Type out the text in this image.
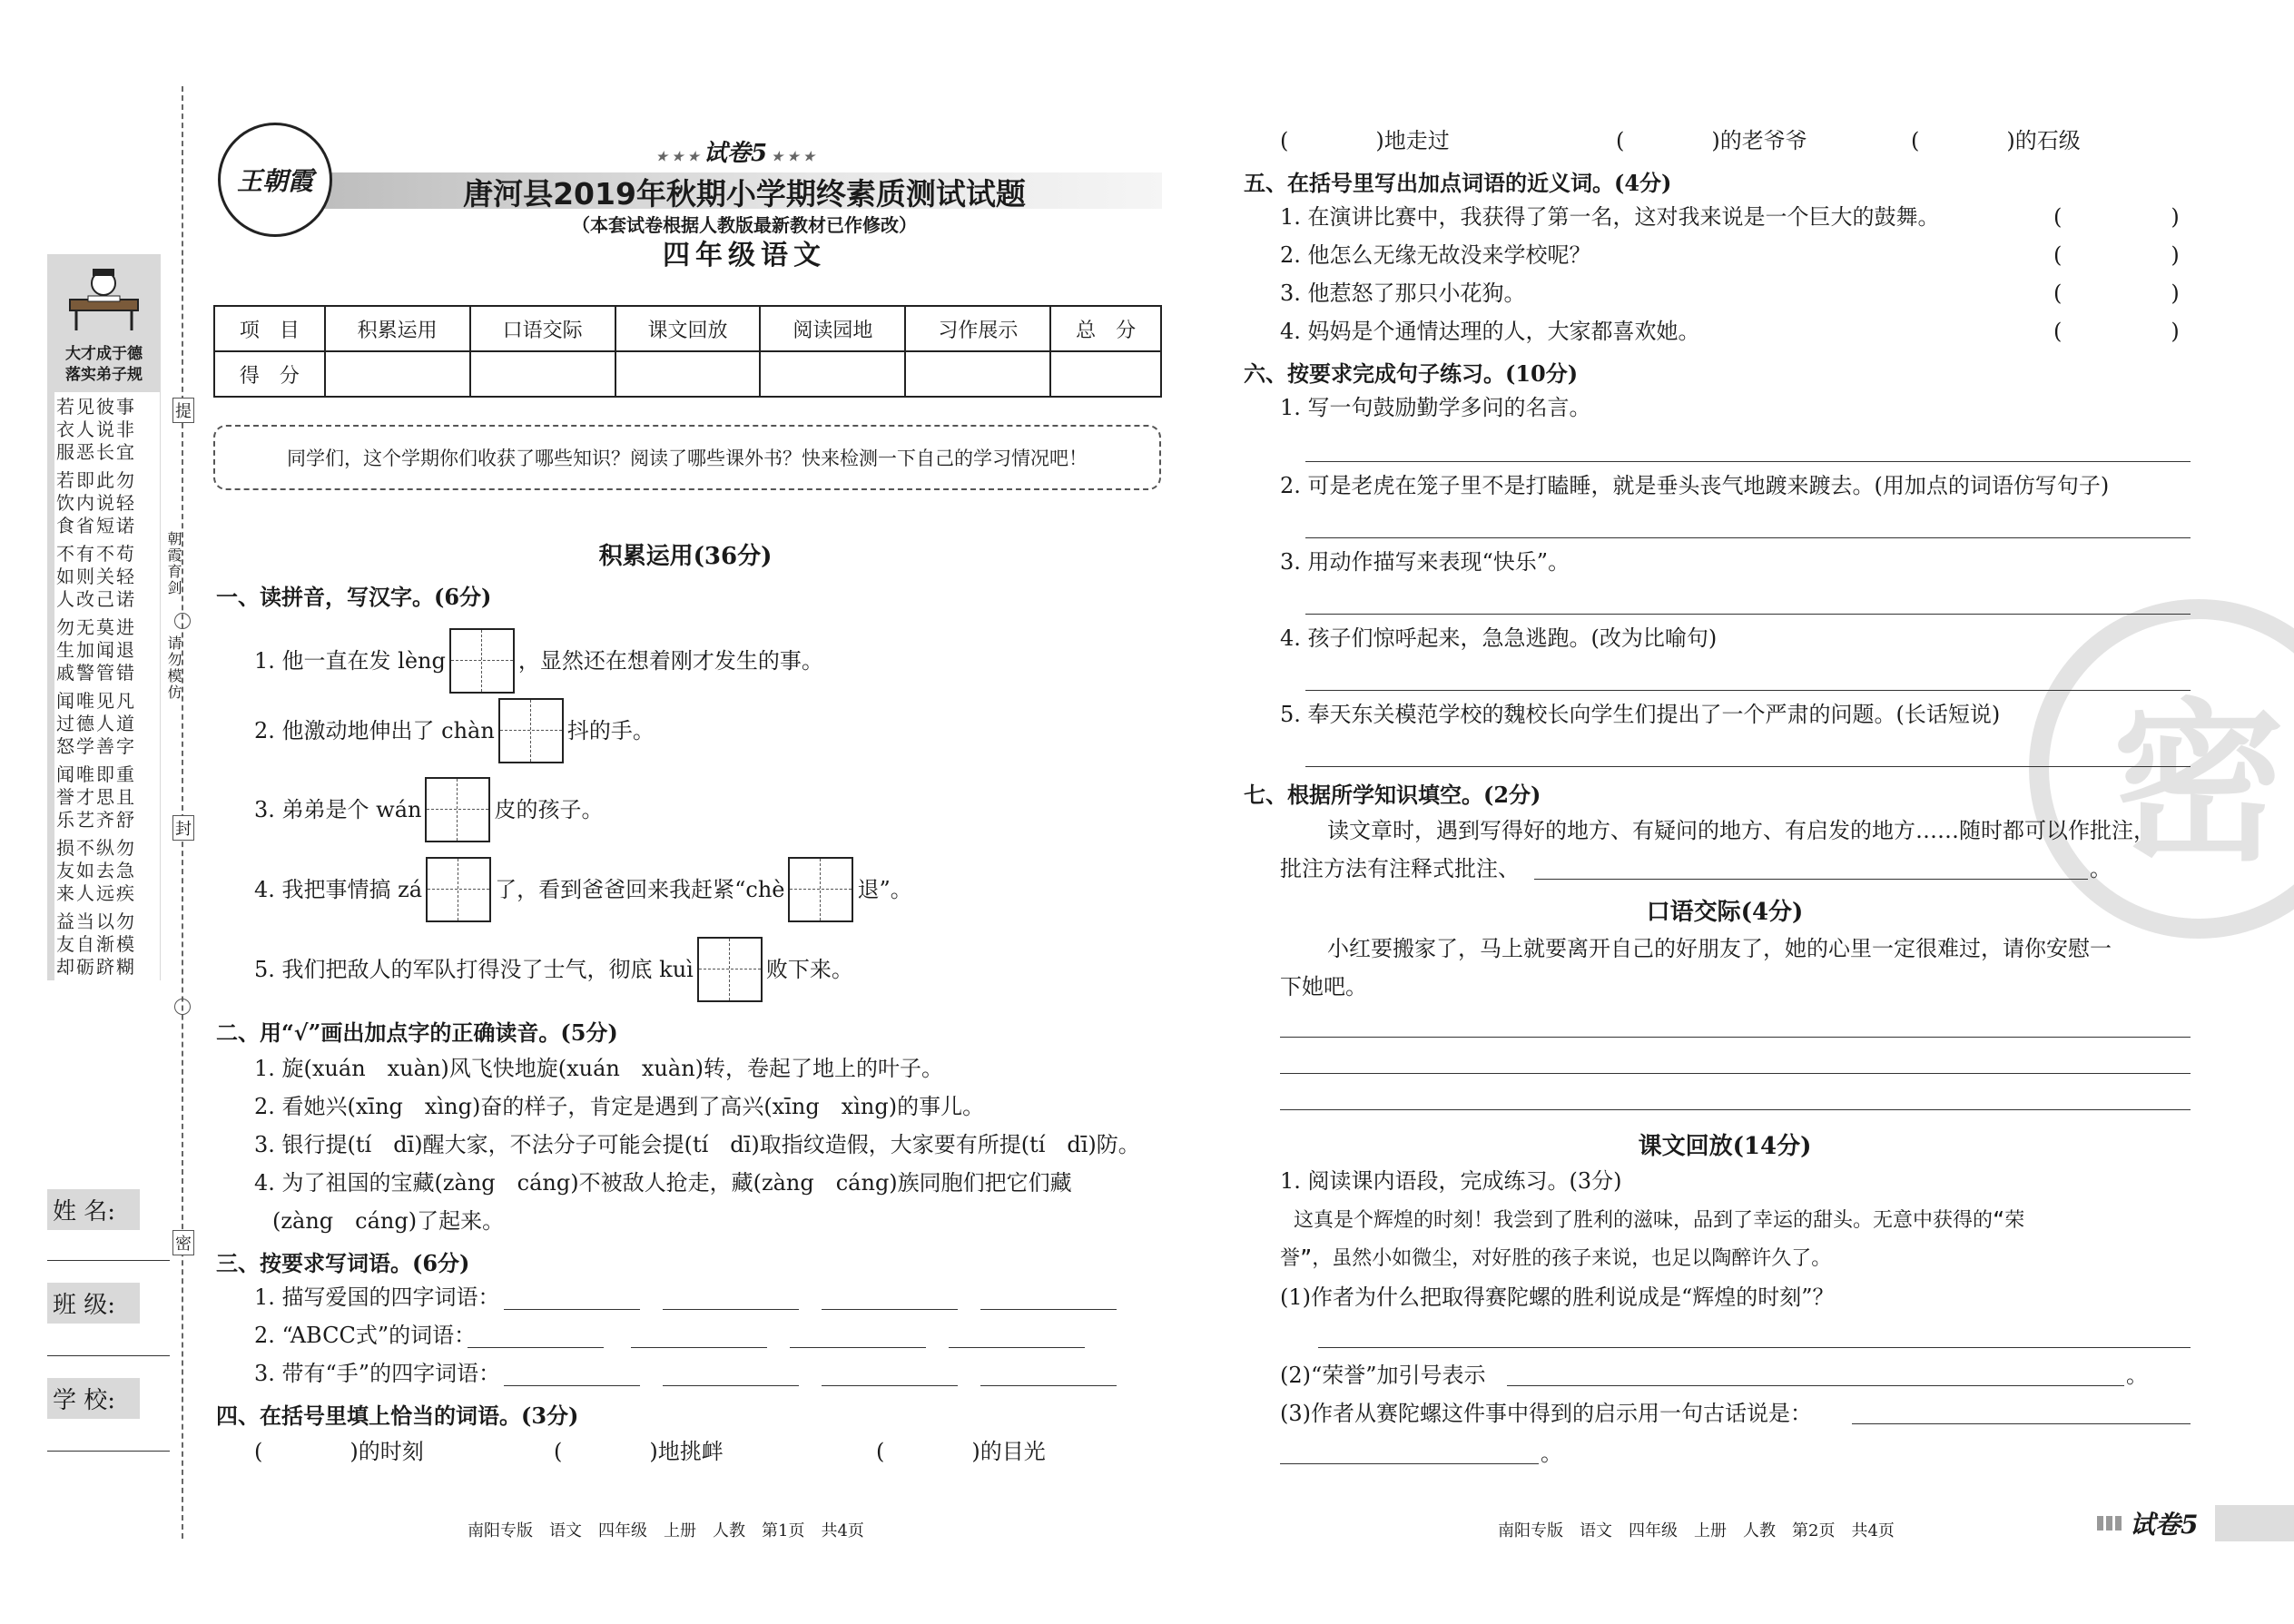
大才成于德
落实弟子规
若见彼事
衣人说非
服恶长宜
若即此勿
饮内说轻
食省短诺
不有不苟
如则关轻
人改己诺
勿无莫进
生加闻退
戚警管错
闻唯见凡
过德人道
怒学善字
闻唯即重
誉才思且
乐艺齐舒
损不纵勿
友如去急
来人远疾
益当以勿
友自渐模
却砺跻糊
提
朝霞育剑
请勿模仿
封
密
姓 名:
班 级:
学 校:
王朝霞
★ ★ ★ 试卷5 ★ ★ ★
唐河县2019年秋期小学期终素质测试试题
（本套试卷根据人教版最新教材已作修改）
四年级语文
项　目	积累运用	口语交际	课文回放	阅读园地	习作展示	总　分
得　分						
同学们，这个学期你们收获了哪些知识？阅读了哪些课外书？快来检测一下自己的学习情况吧！
积累运用(36分)
一、读拼音，写汉字。(6分)
1. 他一直在发 lèng	，显然还在想着刚才发生的事。
2. 他激动地伸出了 chàn	抖的手。
3. 弟弟是个 wán	皮的孩子。
4. 我把事情搞 zá	了，看到爸爸回来我赶紧“chè	退”。
5. 我们把敌人的军队打得没了士气，彻底 kuì	败下来。
二、用“√”画出加点字的正确读音。(5分)
1. 旋(xuán　xuàn)风飞快地旋(xuán　xuàn)转，卷起了地上的叶子。
2. 看她兴(xīng　xìng)奋的样子，肯定是遇到了高兴(xīng　xìng)的事儿。
3. 银行提(tí　dī)醒大家，不法分子可能会提(tí　dī)取指纹造假，大家要有所提(tí　dī)防。
4. 为了祖国的宝藏(zàng　cáng)不被敌人抢走，藏(zàng　cáng)族同胞们把它们藏
(zàng　cáng)了起来。
三、按要求写词语。(6分)
1. 描写爱国的四字词语：
2. “ABCC式”的词语：
3. 带有“手”的四字词语：
四、在括号里填上恰当的词语。(3分)
(　　　　)的时刻	(　　　　)地挑衅	(　　　　)的目光
南阳专版　语文　四年级　上册　人教　第1页　共4页
密
(　　　　)地走过	(　　　　)的老爷爷	(　　　　)的石级
五、在括号里写出加点词语的近义词。(4分)
1. 在演讲比赛中，我获得了第一名，这对我来说是一个巨大的鼓舞。	(　　　　　)
2. 他怎么无缘无故没来学校呢？	(　　　　　)
3. 他惹怒了那只小花狗。	(　　　　　)
4. 妈妈是个通情达理的人，大家都喜欢她。	(　　　　　)
六、按要求完成句子练习。(10分)
1. 写一句鼓励勤学多问的名言。
2. 可是老虎在笼子里不是打瞌睡，就是垂头丧气地踱来踱去。(用加点的词语仿写句子)
3. 用动作描写来表现“快乐”。
4. 孩子们惊呼起来，急急逃跑。(改为比喻句)
5. 奉天东关模范学校的魏校长向学生们提出了一个严肃的问题。(长话短说)
七、根据所学知识填空。(2分)
读文章时，遇到写得好的地方、有疑问的地方、有启发的地方……随时都可以作批注，
批注方法有注释式批注、	。
口语交际(4分)
小红要搬家了，马上就要离开自己的好朋友了，她的心里一定很难过，请你安慰一
下她吧。
课文回放(14分)
1. 阅读课内语段，完成练习。(3分)
这真是个辉煌的时刻！我尝到了胜利的滋味，品到了幸运的甜头。无意中获得的“荣
誉”，虽然小如微尘，对好胜的孩子来说，也足以陶醉许久了。
(1)作者为什么把取得赛陀螺的胜利说成是“辉煌的时刻”？
(2)“荣誉”加引号表示	。
(3)作者从赛陀螺这件事中得到的启示用一句古话说是：
。
南阳专版　语文　四年级　上册　人教　第2页　共4页	试卷5
